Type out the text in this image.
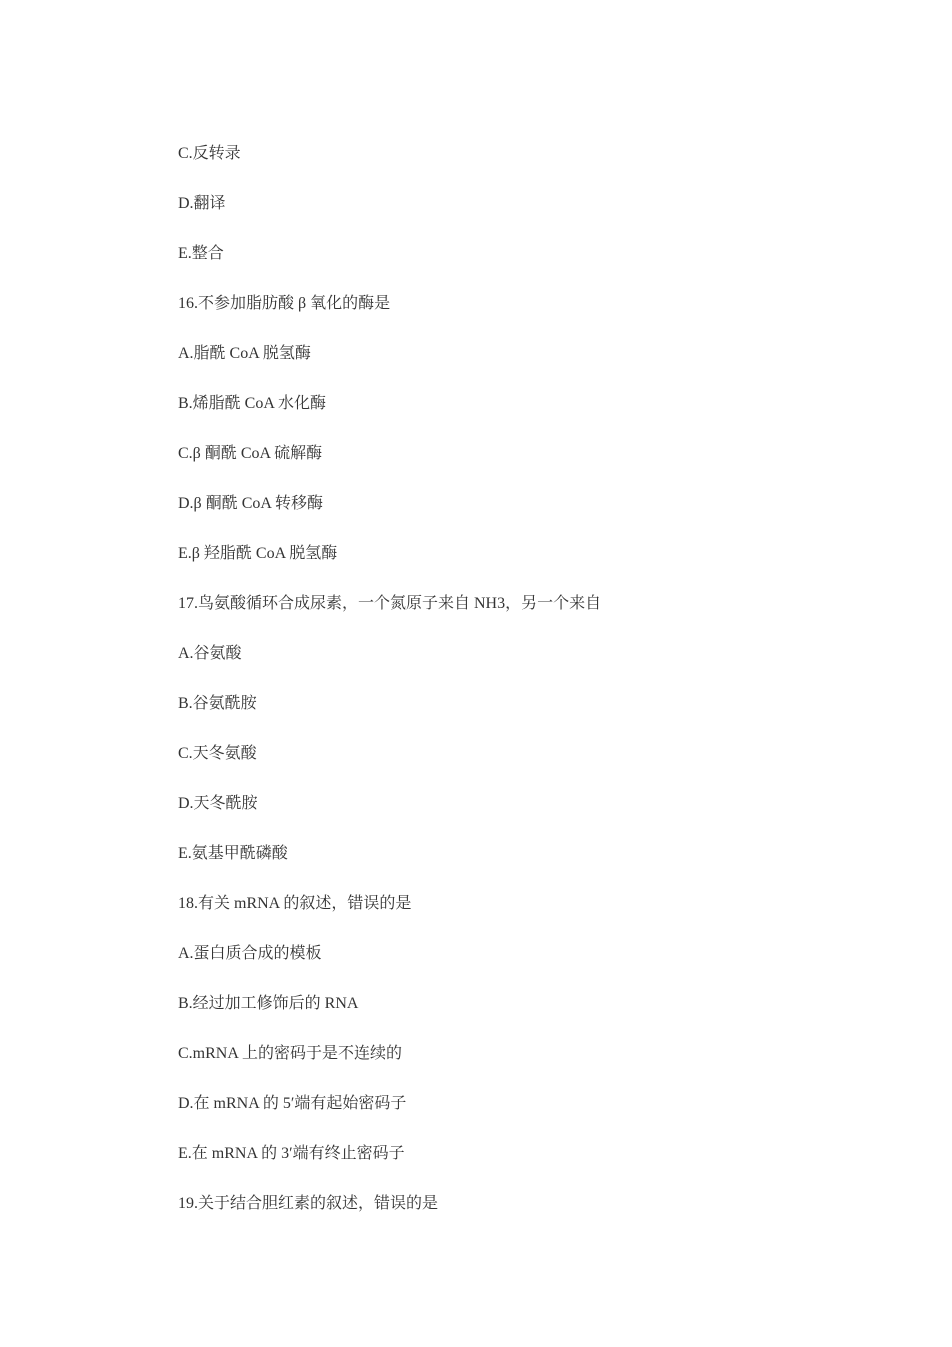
C.反转录
D.翻译
E.整合
16.不参加脂肪酸 β 氧化的酶是
A.脂酰 CoA 脱氢酶
B.烯脂酰 CoA 水化酶
C.β 酮酰 CoA 硫解酶
D.β 酮酰 CoA 转移酶
E.β 羟脂酰 CoA 脱氢酶
17.鸟氨酸循环合成尿素，一个氮原子来自 NH3，另一个来自
A.谷氨酸
B.谷氨酰胺
C.天冬氨酸
D.天冬酰胺
E.氨基甲酰磷酸
18.有关 mRNA 的叙述，错误的是
A.蛋白质合成的模板
B.经过加工修饰后的 RNA
C.mRNA 上的密码于是不连续的
D.在 mRNA 的 5′端有起始密码子
E.在 mRNA 的 3′端有终止密码子
19.关于结合胆红素的叙述，错误的是
